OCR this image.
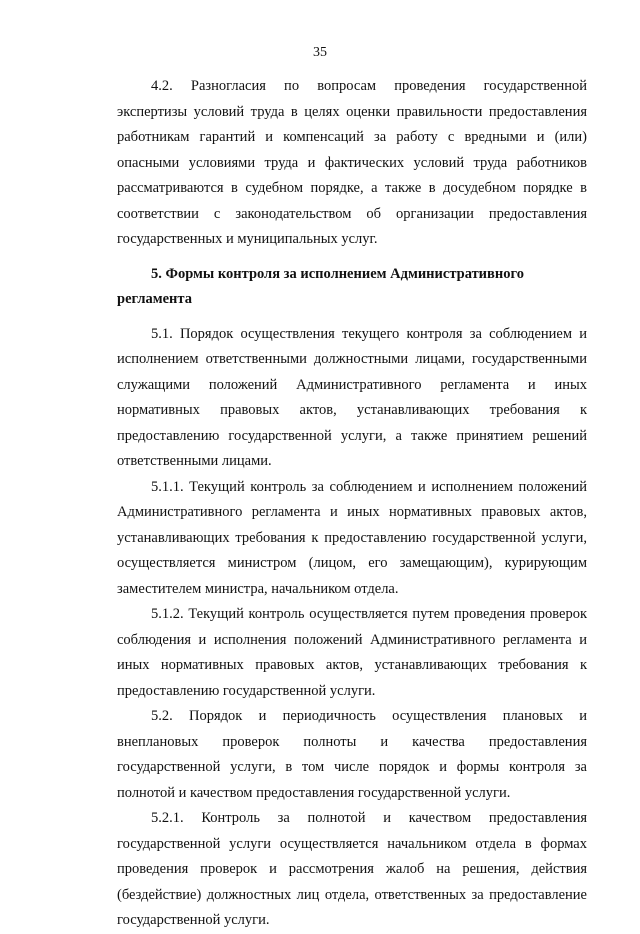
35

4.2. Разногласия по вопросам проведения государственной экспертизы условий труда в целях оценки правильности предоставления работникам гарантий и компенсаций за работу с вредными и (или) опасными условиями труда и фактических условий труда работников рассматриваются в судебном порядке, а также в досудебном порядке в соответствии с законодательством об организации предоставления государственных и муниципальных услуг.

5. Формы контроля за исполнением Административного регламента

5.1. Порядок осуществления текущего контроля за соблюдением и исполнением ответственными должностными лицами, государственными служащими положений Административного регламента и иных нормативных правовых актов, устанавливающих требования к предоставлению государственной услуги, а также принятием решений ответственными лицами.

5.1.1. Текущий контроль за соблюдением и исполнением положений Административного регламента и иных нормативных правовых актов, устанавливающих требования к предоставлению государственной услуги, осуществляется министром (лицом, его замещающим), курирующим заместителем министра, начальником отдела.

5.1.2. Текущий контроль осуществляется путем проведения проверок соблюдения и исполнения положений Административного регламента и иных нормативных правовых актов, устанавливающих требования к предоставлению государственной услуги.

5.2. Порядок и периодичность осуществления плановых и внеплановых проверок полноты и качества предоставления государственной услуги, в том числе порядок и формы контроля за полнотой и качеством предоставления государственной услуги.

5.2.1. Контроль за полнотой и качеством предоставления государственной услуги осуществляется начальником отдела в формах проведения проверок и рассмотрения жалоб на решения, действия (бездействие) должностных лиц отдела, ответственных за предоставление государственной услуги.
